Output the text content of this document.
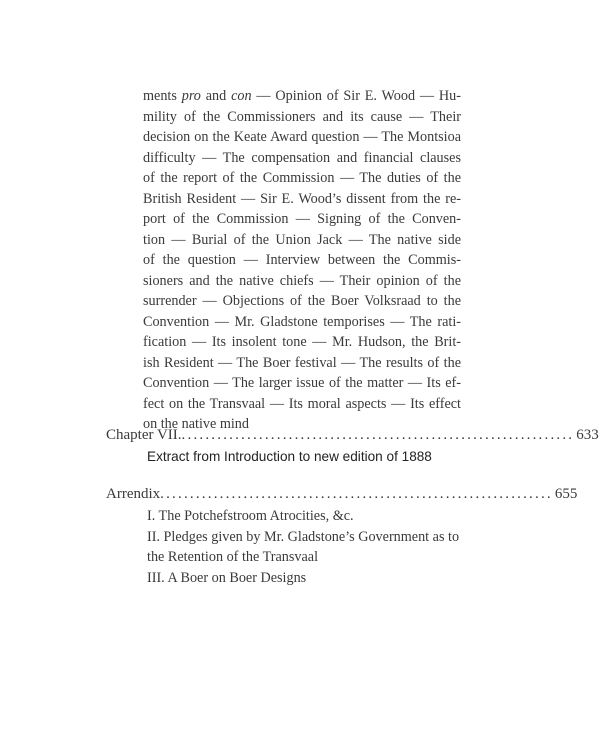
ments pro and con — Opinion of Sir E. Wood — Hu-
mility of the Commissioners and its cause — Their
decision on the Keate Award question — The Montsioa
difficulty — The compensation and financial clauses
of the report of the Commission — The duties of the
British Resident — Sir E. Wood’s dissent from the re-
port of the Commission — Signing of the Conven-
tion — Burial of the Union Jack — The native side
of the question — Interview between the Commis-
sioners and the native chiefs — Their opinion of the
surrender — Objections of the Boer Volksraad to the
Convention — Mr. Gladstone temporises — The rati-
fication — Its insolent tone — Mr. Hudson, the Brit-
ish Resident — The Boer festival — The results of the
Convention — The larger issue of the matter — Its ef-
fect on the Transvaal — Its moral aspects — Its effect
on the native mind
Chapter VII. .................................................................. 633
Extract from Introduction to new edition of 1888
Arrendix .................................................................. 655
I. The Potchefstroom Atrocities, &c.
II. Pledges given by Mr. Gladstone’s Government as to
the Retention of the Transvaal
III. A Boer on Boer Designs
